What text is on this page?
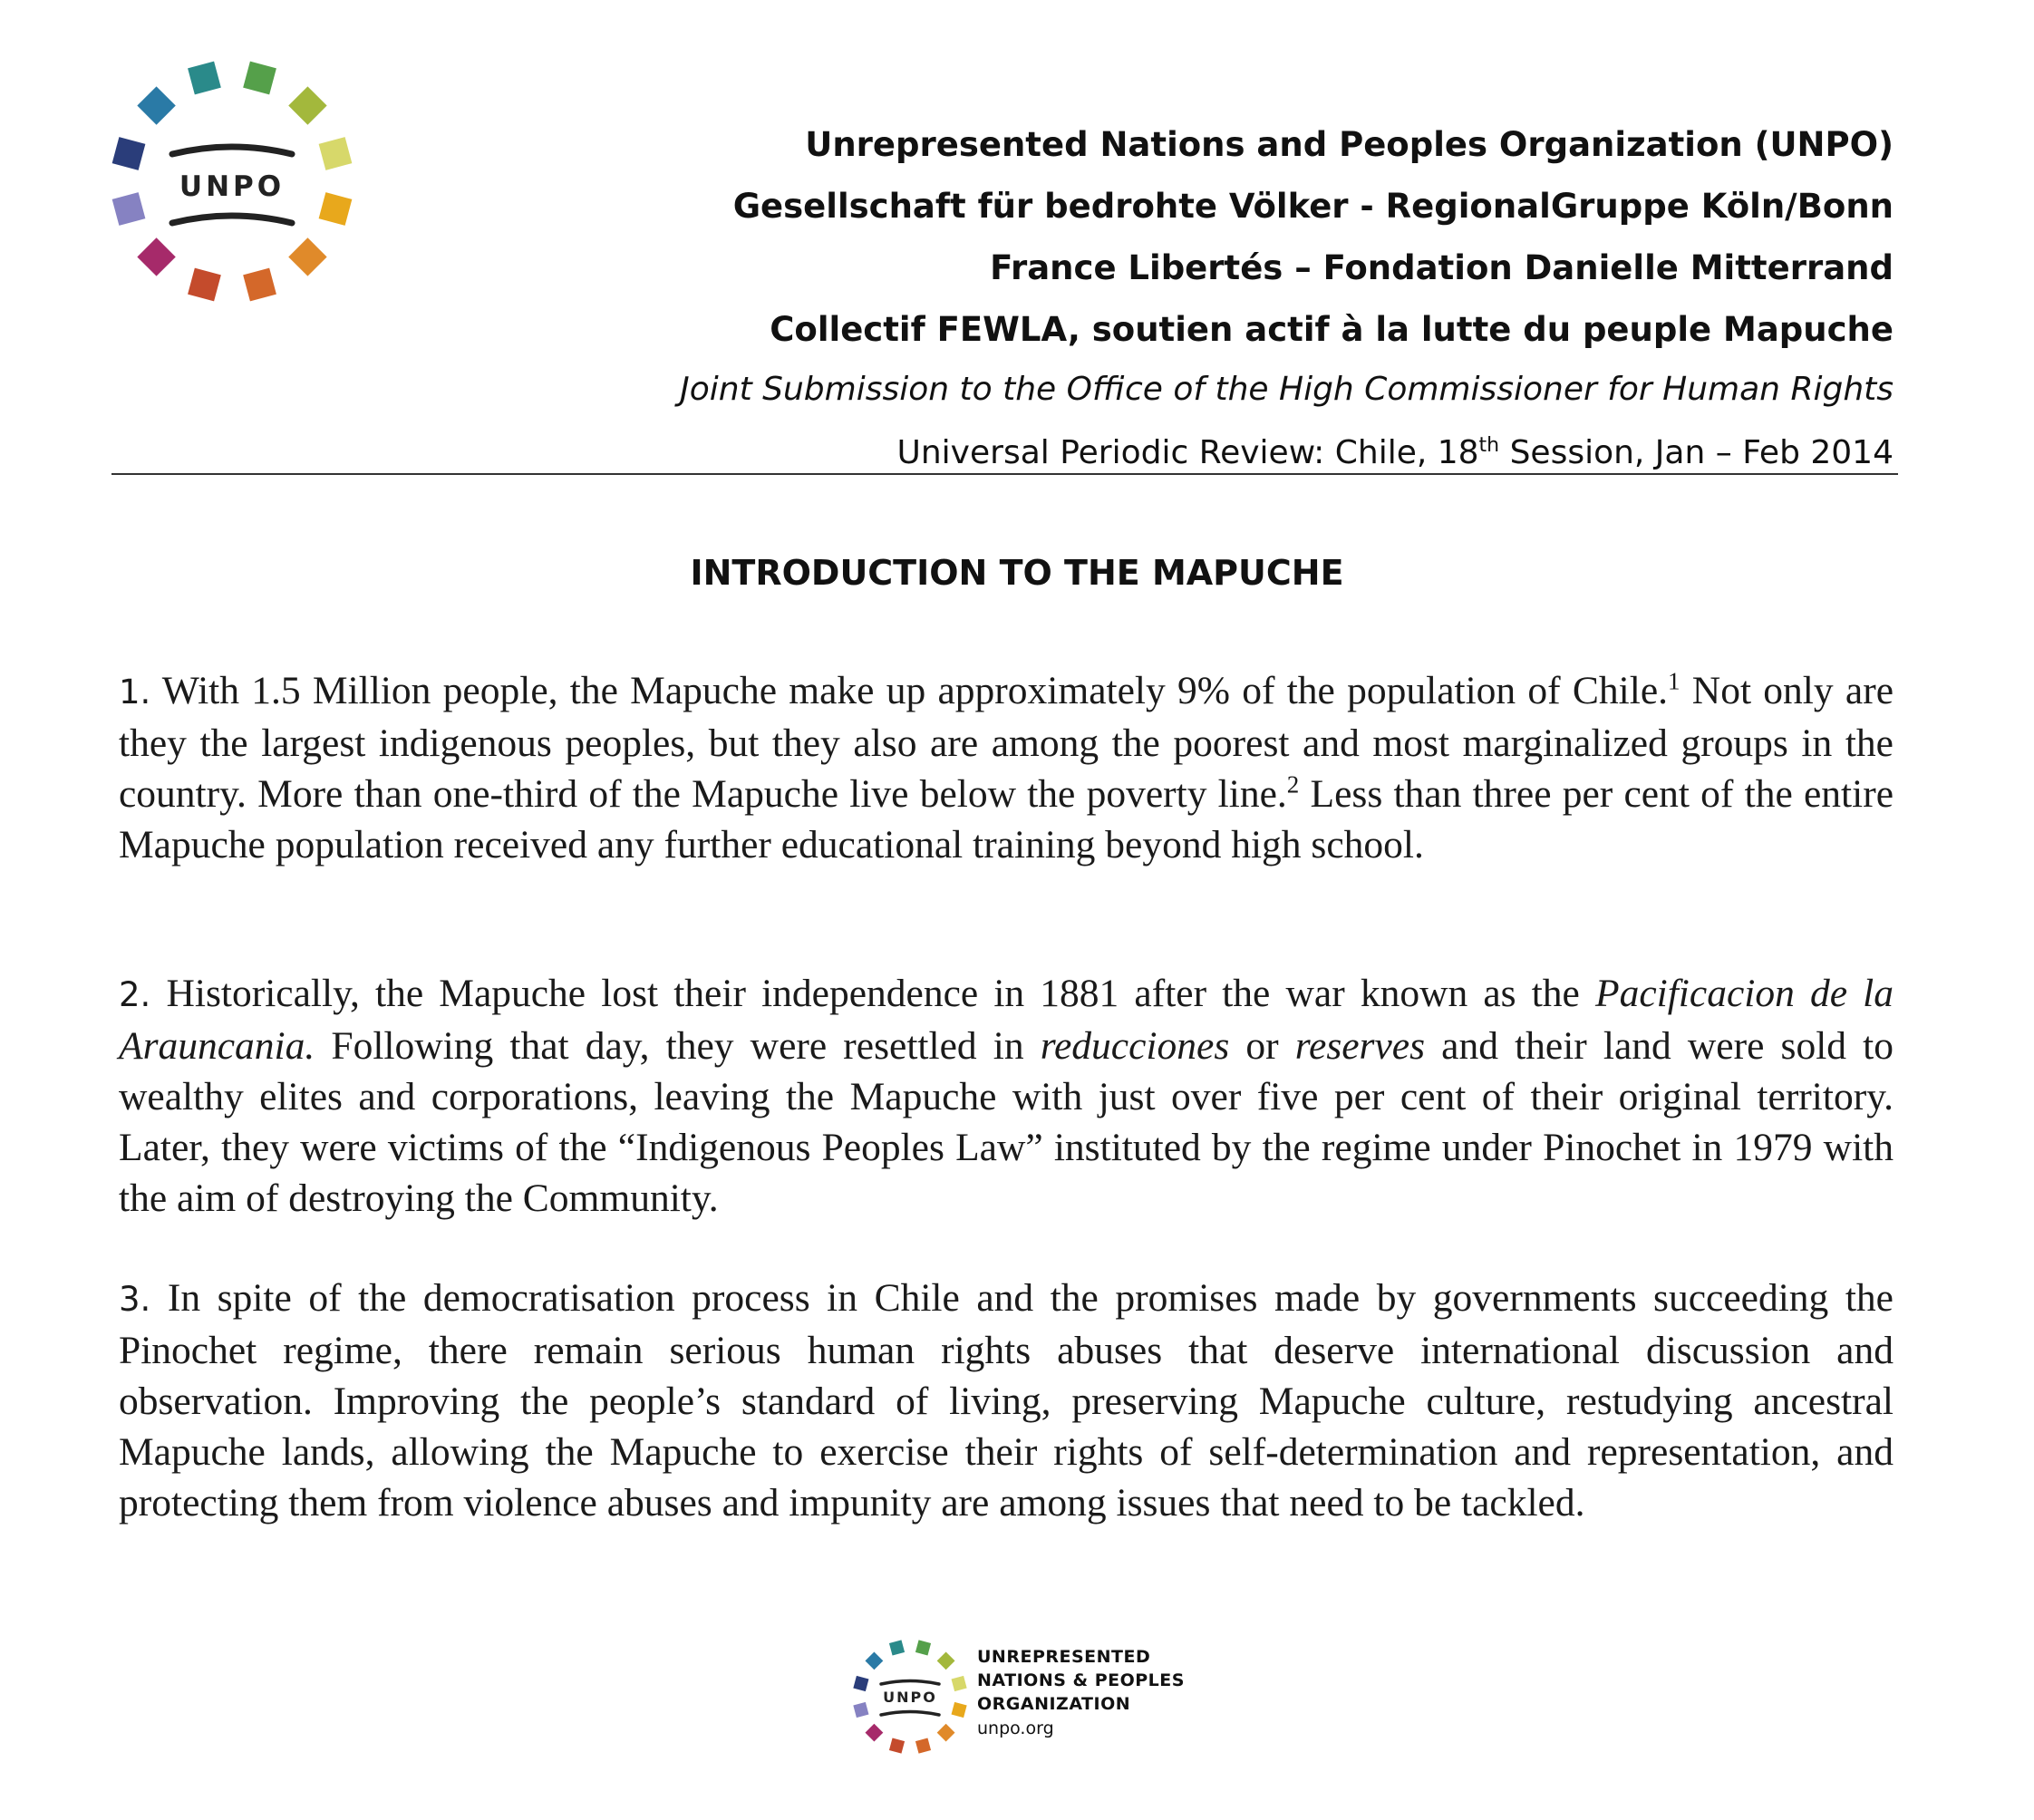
UNPO
Unrepresented Nations and Peoples Organization (UNPO)
Gesellschaft für bedrohte Völker - RegionalGruppe Köln/Bonn
France Libertés – Fondation Danielle Mitterrand
Collectif FEWLA, soutien actif à la lutte du peuple Mapuche
Joint Submission to the Office of the High Commissioner for Human Rights
Universal Periodic Review: Chile, 18th Session, Jan – Feb 2014
INTRODUCTION TO THE MAPUCHE

1. With 1.5 Million people, the Mapuche make up approximately 9% of the population of Chile.$^1$ Not only are they the largest indigenous peoples, but they also are among the poorest and most marginalized groups in the country. More than one-third of the Mapuche live below the poverty line.$^2$ Less than three per cent of the entire Mapuche population received any further educational training beyond high school.

2. Historically, the Mapuche lost their independence in 1881 after the war known as the Pacificacion de la Arauncania. Following that day, they were resettled in reducciones or reserves and their land were sold to wealthy elites and corporations, leaving the Mapuche with just over five per cent of their original territory. Later, they were victims of the “Indigenous Peoples Law” instituted by the regime under Pinochet in 1979 with the aim of destroying the Community.

3. In spite of the democratisation process in Chile and the promises made by governments succeeding the Pinochet regime, there remain serious human rights abuses that deserve international discussion and observation. Improving the people’s standard of living, preserving Mapuche culture, restudying ancestral Mapuche lands, allowing the Mapuche to exercise their rights of self-determination and representation, and protecting them from violence abuses and impunity are among issues that need to be tackled.

UNPO
UNREPRESENTED
NATIONS & PEOPLES
ORGANIZATION
unpo.org
